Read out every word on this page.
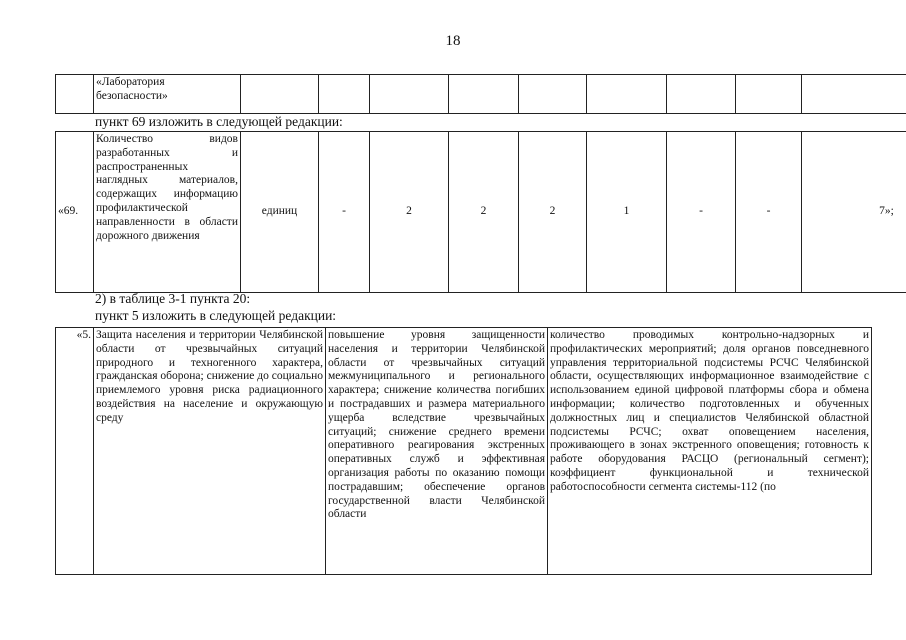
18
	«Лаборатория безопасности»									
пункт 69 изложить в следующей редакции:
«69.	Количество видов разработанных и распространенных наглядных материалов, содержащих информацию профилактической направленности в области дорожного движения	единиц	-	2	2	2	1	-	-	7»;
2) в таблице 3-1 пункта 20:
пункт 5 изложить в следующей редакции:
«5.	Защита населения и территории Челябинской области от чрезвычайных ситуаций природного и техногенного характера, гражданская оборона; снижение до социально приемлемого уровня риска радиационного воздействия на население и окружающую среду	повышение уровня защищенности населения и территории Челябинской области от чрезвычайных ситуаций межмуниципального и регионального характера; снижение количества погибших и пострадавших и размера материального ущерба вследствие чрезвычайных ситуаций; снижение среднего времени оперативного реагирования экстренных оперативных служб и эффективная организация работы по оказанию помощи пострадавшим; обеспечение органов государственной власти Челябинской области	количество проводимых контрольно-надзорных и профилактических мероприятий; доля органов повседневного управления территориальной подсистемы РСЧС Челябинской области, осуществляющих информационное взаимодействие с использованием единой цифровой платформы сбора и обмена информации; количество подготовленных и обученных должностных лиц и специалистов Челябинской областной подсистемы РСЧС; охват оповещением населения, проживающего в зонах экстренного оповещения; готовность к работе оборудования РАСЦО (региональный сегмент); коэффициент функциональной и технической работоспособности сегмента системы-112 (по
